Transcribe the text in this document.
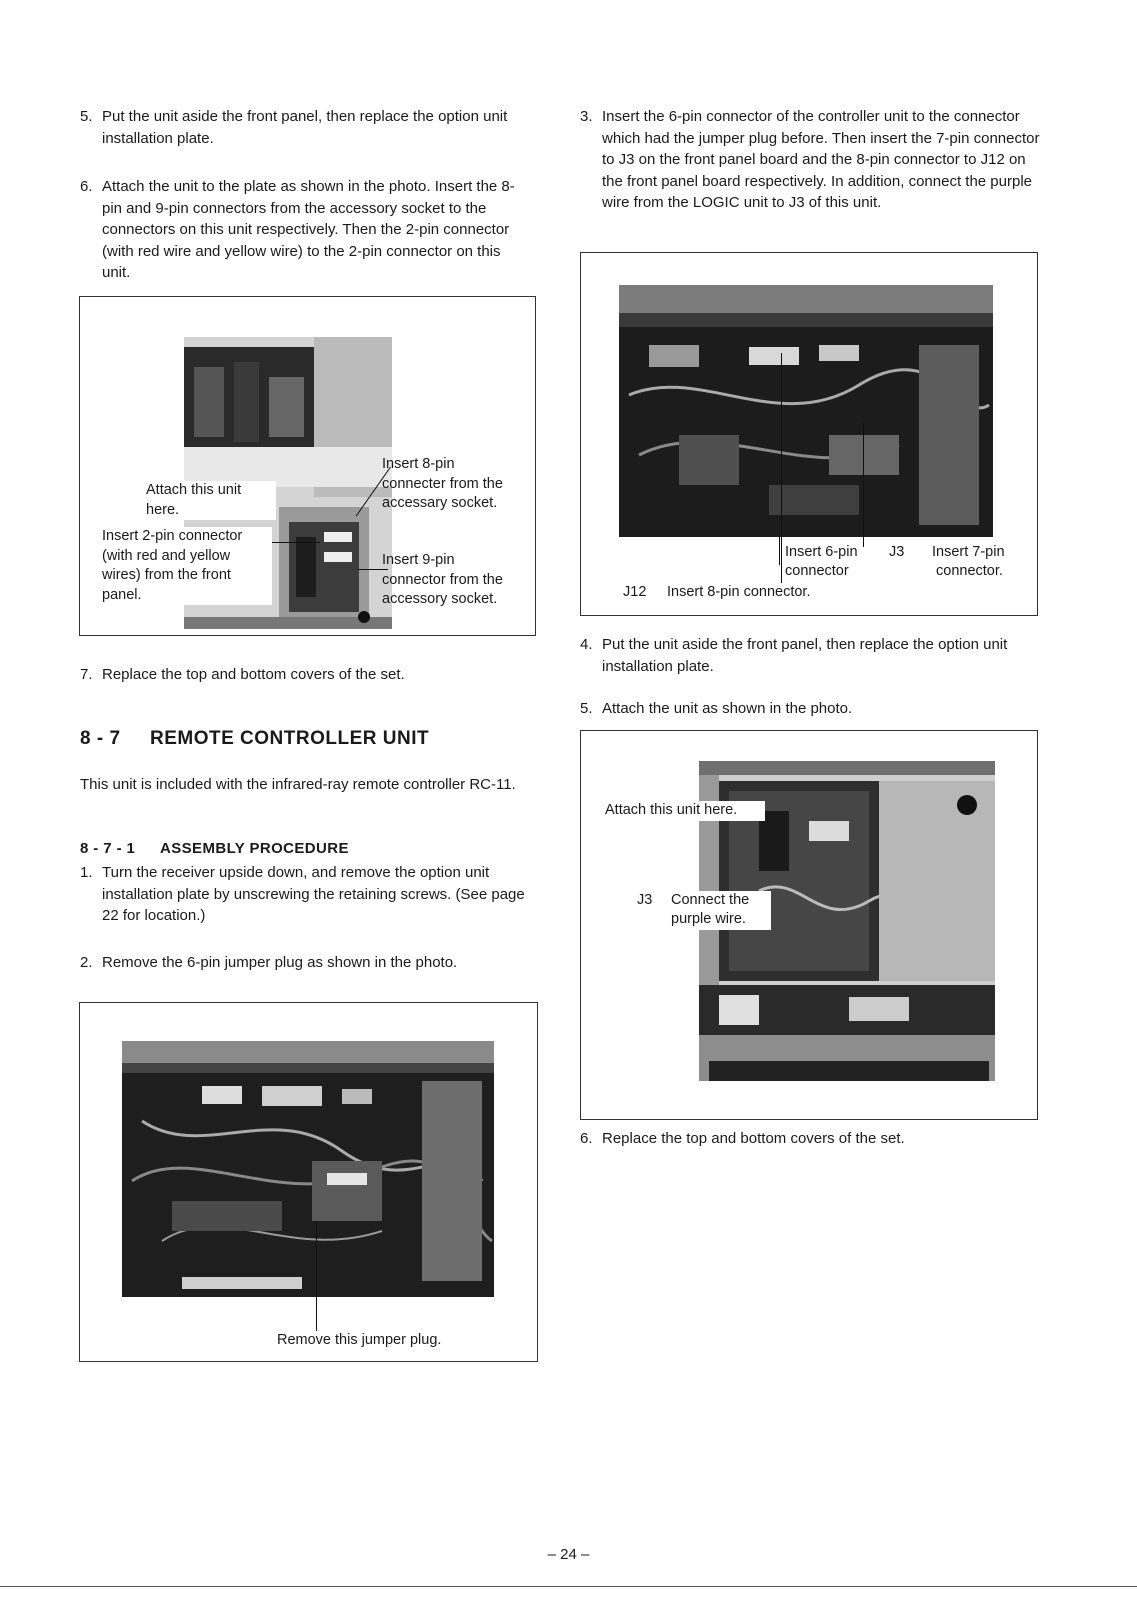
5. Put the unit aside the front panel, then replace the option unit installation plate.
6. Attach the unit to the plate as shown in the photo. Insert the 8-pin and 9-pin connectors from the accessory socket to the connectors on this unit respectively. Then the 2-pin connector (with red wire and yellow wire) to the 2-pin connector on this unit.
Attach this unit here.
Insert 8-pin connecter from the accessary socket.
Insert 2-pin connector (with red and yellow wires) from the front panel.
Insert 9-pin connector from the accessory socket.
7. Replace the top and bottom covers of the set.
8 - 7 REMOTE CONTROLLER UNIT
This unit is included with the infrared-ray remote controller RC-11.
8 - 7 - 1 ASSEMBLY PROCEDURE
1. Turn the receiver upside down, and remove the option unit installation plate by unscrewing the retaining screws. (See page 22 for location.)
2. Remove the 6-pin jumper plug as shown in the photo.
Remove this jumper plug.
3. Insert the 6-pin connector of the controller unit to the connector which had the jumper plug before. Then insert the 7-pin connector to J3 on the front panel board and the 8-pin connector to J12 on the front panel board respectively. In addition, connect the purple wire from the LOGIC unit to J3 of this unit.
Insert 6-pin
connector
J3	Insert 7-pin
connector.
J12	Insert 8-pin connector.
4. Put the unit aside the front panel, then replace the option unit installation plate.
5. Attach the unit as shown in the photo.
Attach this unit here.
J3	Connect the
purple wire.
6. Replace the top and bottom covers of the set.
– 24 –
